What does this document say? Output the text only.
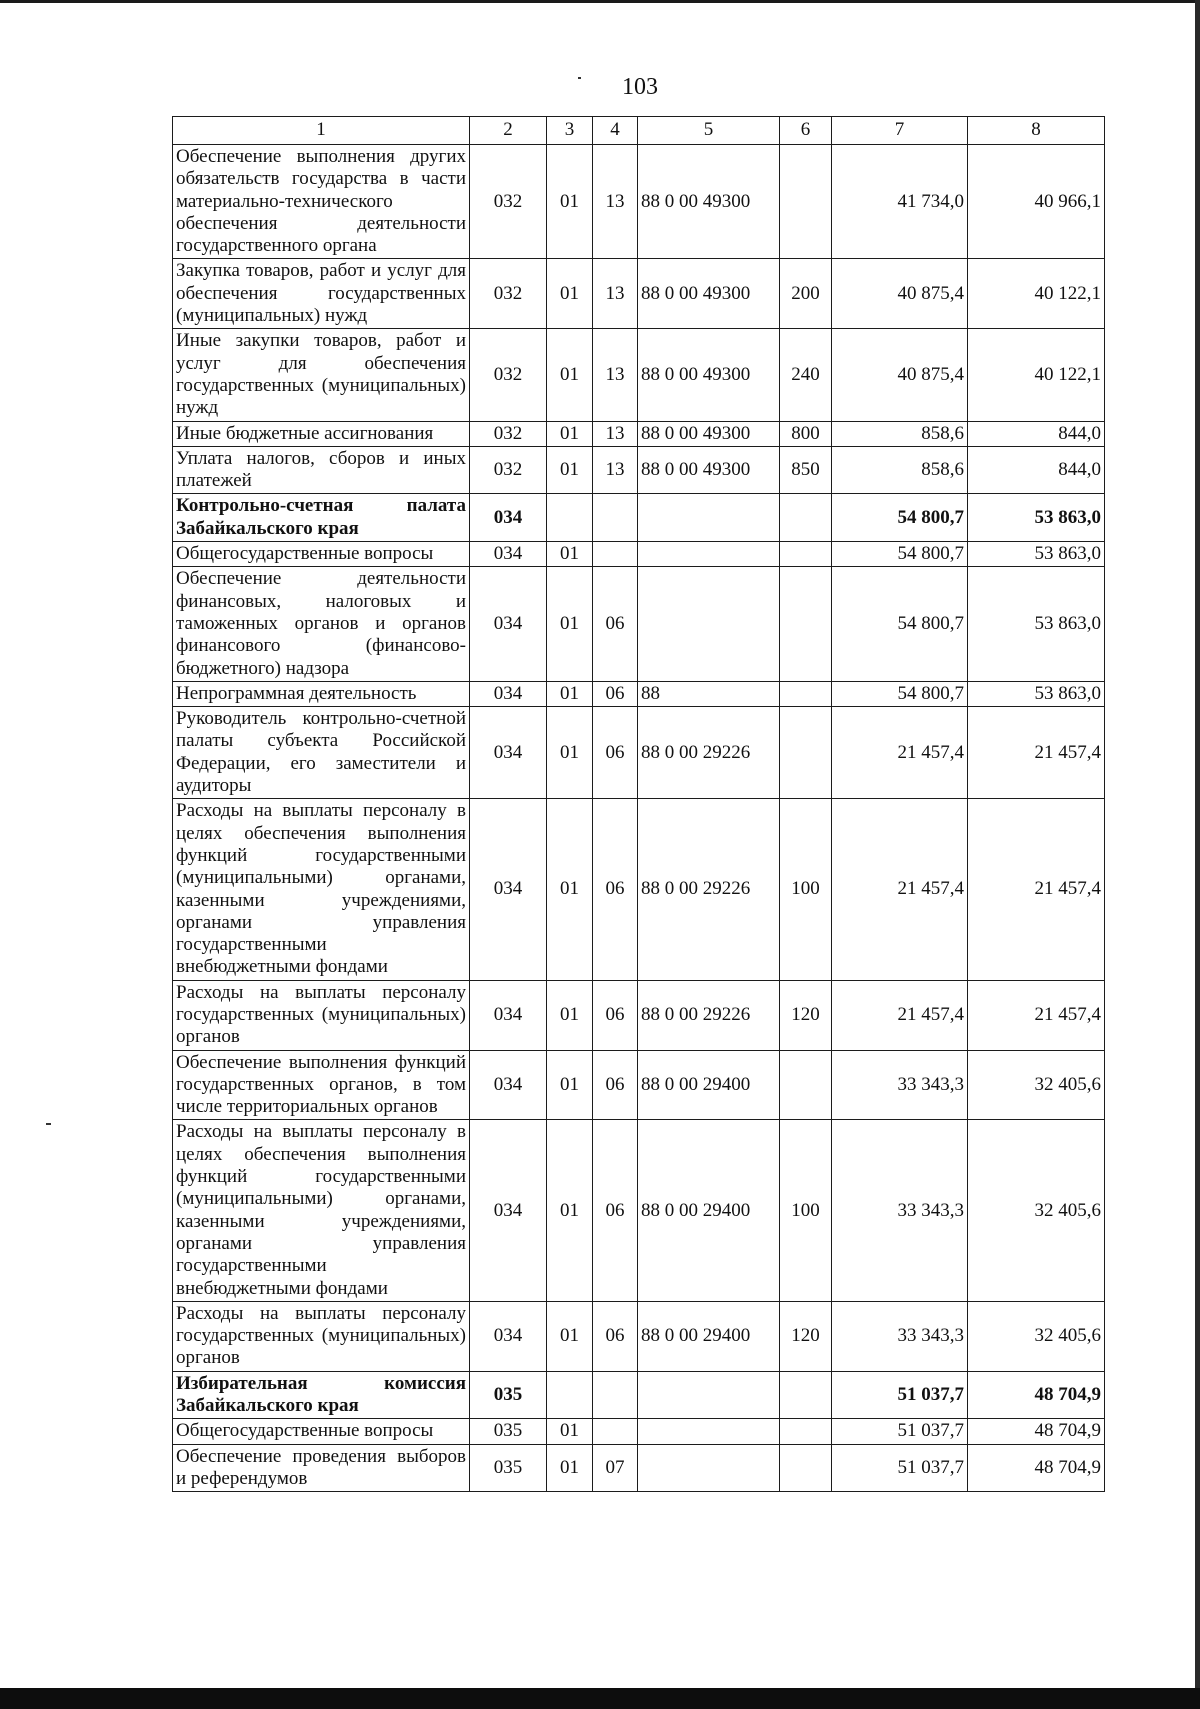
103
1	2	3	4	5	6	7	8
Обеспечение выполнения других обязательств государства в части материально-технического обеспечения деятельности государственного органа	032	01	13	88 0 00 49300		41 734,0	40 966,1
Закупка товаров, работ и услуг для обеспечения государственных (муниципальных) нужд	032	01	13	88 0 00 49300	200	40 875,4	40 122,1
Иные закупки товаров, работ и услуг для обеспечения государственных (муниципальных) нужд	032	01	13	88 0 00 49300	240	40 875,4	40 122,1
Иные бюджетные ассигнования	032	01	13	88 0 00 49300	800	858,6	844,0
Уплата налогов, сборов и иных платежей	032	01	13	88 0 00 49300	850	858,6	844,0
Контрольно-счетная палата Забайкальского края	034					54 800,7	53 863,0
Общегосударственные вопросы	034	01				54 800,7	53 863,0
Обеспечение деятельности финансовых, налоговых и таможенных органов и органов финансового (финансово-бюджетного) надзора	034	01	06			54 800,7	53 863,0
Непрограммная деятельность	034	01	06	88		54 800,7	53 863,0
Руководитель контрольно-счетной палаты субъекта Российской Федерации, его заместители и аудиторы	034	01	06	88 0 00 29226		21 457,4	21 457,4
Расходы на выплаты персоналу в целях обеспечения выполнения функций государственными (муниципальными) органами, казенными учреждениями, органами управления государственными внебюджетными фондами	034	01	06	88 0 00 29226	100	21 457,4	21 457,4
Расходы на выплаты персоналу государственных (муниципальных) органов	034	01	06	88 0 00 29226	120	21 457,4	21 457,4
Обеспечение выполнения функций государственных органов, в том числе территориальных органов	034	01	06	88 0 00 29400		33 343,3	32 405,6
Расходы на выплаты персоналу в целях обеспечения выполнения функций государственными (муниципальными) органами, казенными учреждениями, органами управления государственными внебюджетными фондами	034	01	06	88 0 00 29400	100	33 343,3	32 405,6
Расходы на выплаты персоналу государственных (муниципальных) органов	034	01	06	88 0 00 29400	120	33 343,3	32 405,6
Избирательная комиссия Забайкальского края	035					51 037,7	48 704,9
Общегосударственные вопросы	035	01				51 037,7	48 704,9
Обеспечение проведения выборов и референдумов	035	01	07			51 037,7	48 704,9
